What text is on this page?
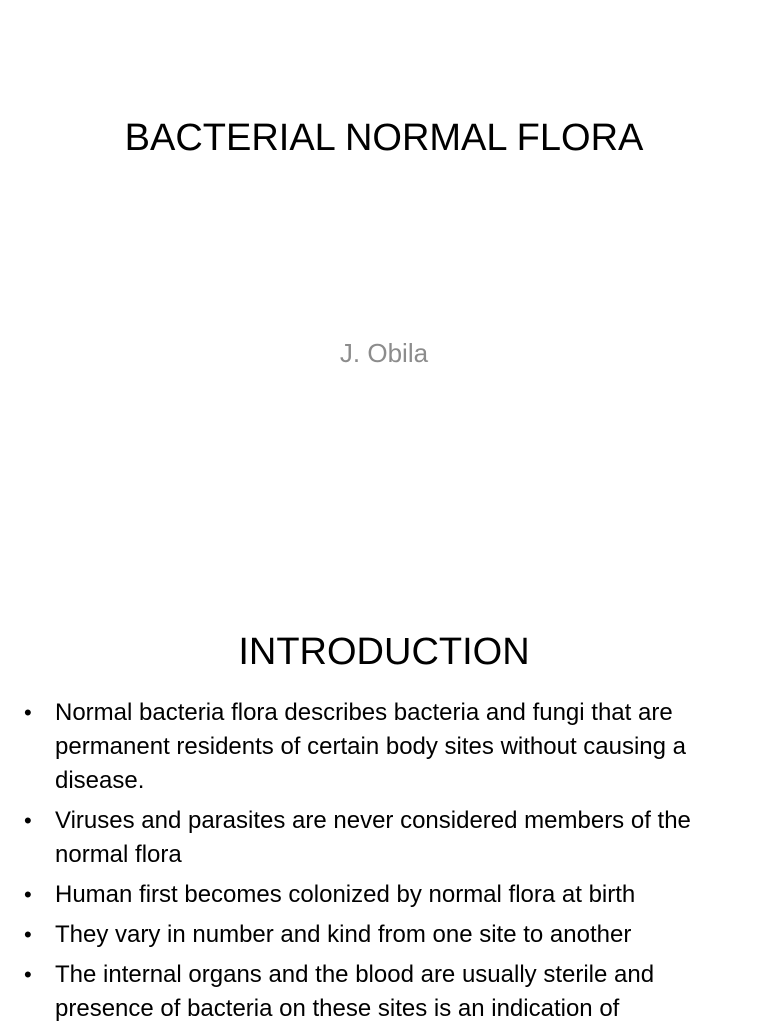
BACTERIAL NORMAL FLORA
J. Obila
INTRODUCTION
• Normal bacteria flora describes bacteria and fungi that are permanent residents of certain body sites without causing a disease.
• Viruses and parasites are never considered members of the normal flora
• Human first becomes colonized by normal flora at birth
• They vary in number and kind from one site to another
• The internal organs and the blood are usually sterile and presence of bacteria on these sites is an indication of
